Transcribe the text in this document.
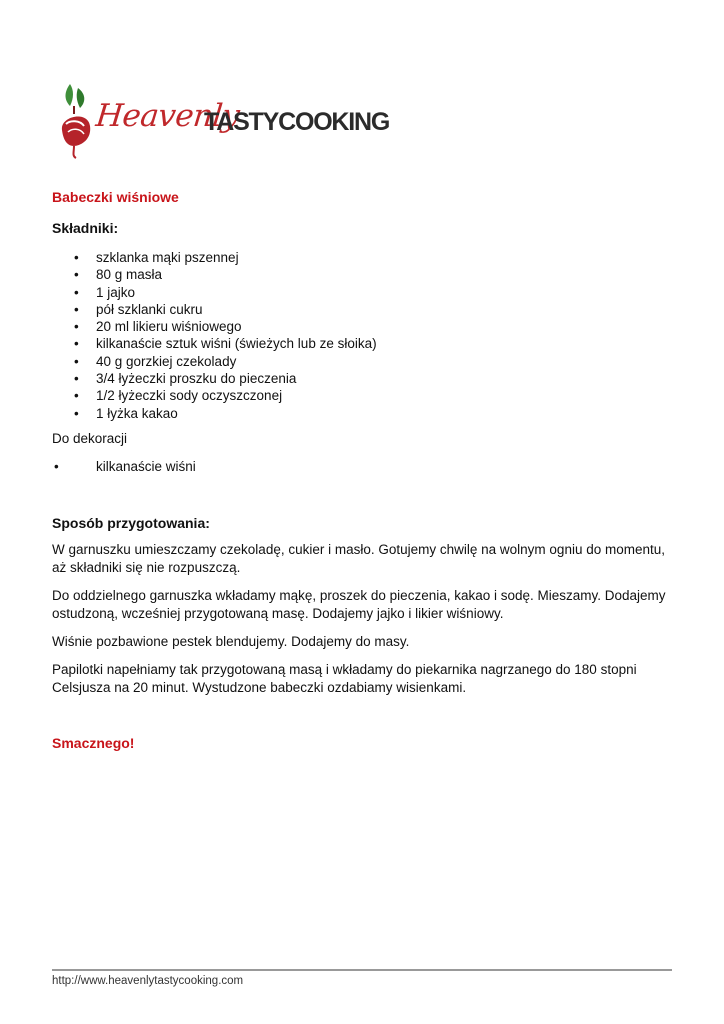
Heavenly
TASTYCOOKING
Babeczki wiśniowe
Składniki:
• szklanka mąki pszennej
• 80 g masła
• 1 jajko
• pół szklanki cukru
• 20 ml likieru wiśniowego
• kilkanaście sztuk wiśni (świeżych lub ze słoika)
• 40 g gorzkiej czekolady
• 3/4 łyżeczki proszku do pieczenia
• 1/2 łyżeczki sody oczyszczonej
• 1 łyżka kakao

Do dekoracji

•	kilkanaście wiśni
Sposób przygotowania:

W garnuszku umieszczamy czekoladę, cukier i masło. Gotujemy chwilę na wolnym ogniu do momentu, aż składniki się nie rozpuszczą.

Do oddzielnego garnuszka wkładamy mąkę, proszek do pieczenia, kakao i sodę. Mieszamy. Dodajemy ostudzoną, wcześniej przygotowaną masę. Dodajemy jajko i likier wiśniowy.

Wiśnie pozbawione pestek blendujemy. Dodajemy do masy.

Papilotki napełniamy tak przygotowaną masą i wkładamy do piekarnika nagrzanego do 180 stopni Celsjusza na 20 minut. Wystudzone babeczki ozdabiamy wisienkami.

Smacznego!

http://www.heavenlytastycooking.com
